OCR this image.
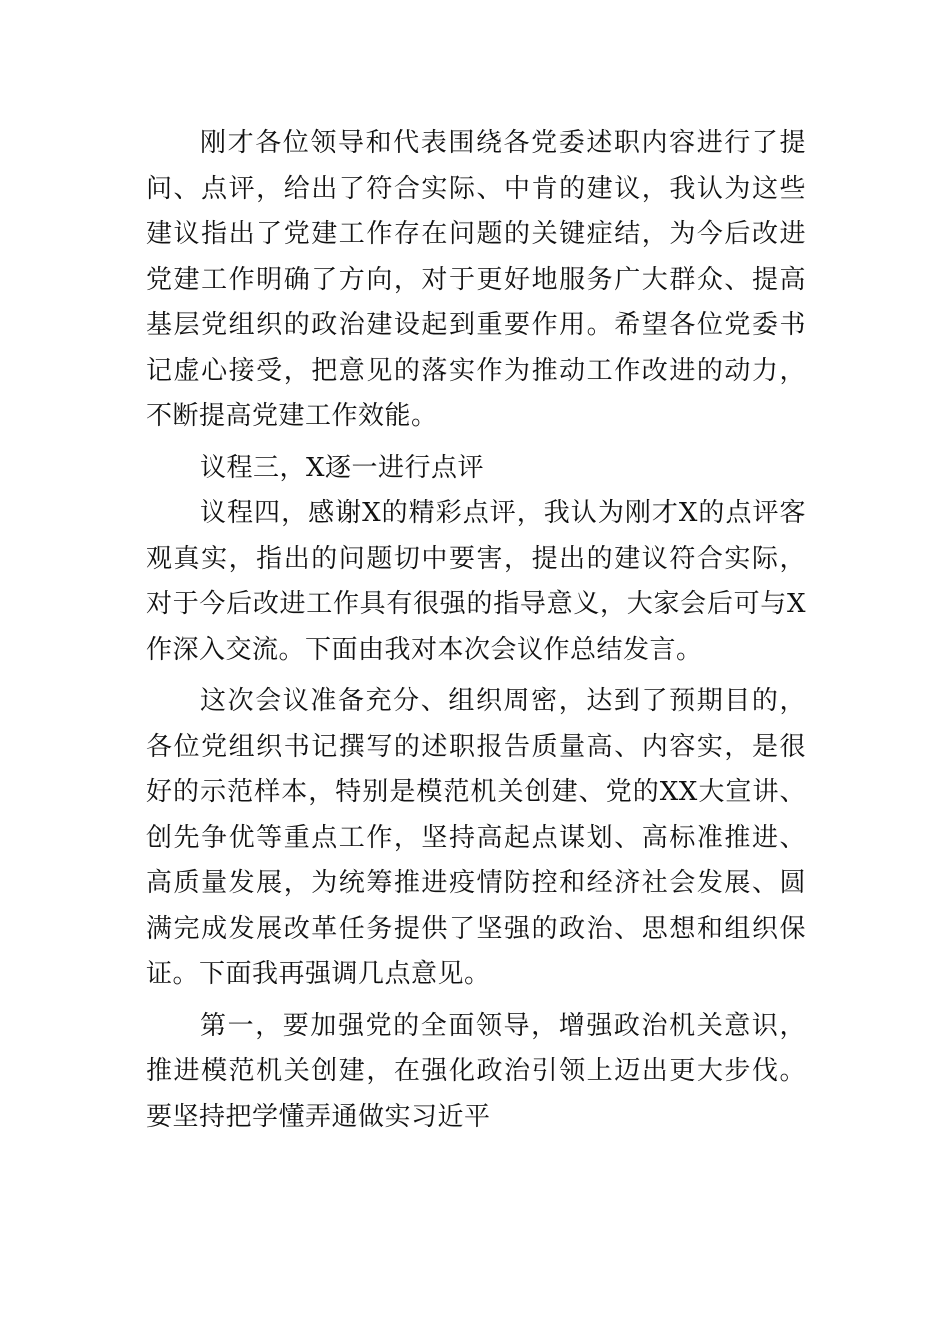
刚才各位领导和代表围绕各党委述职内容进行了提问、点评，给出了符合实际、中肯的建议，我认为这些建议指出了党建工作存在问题的关键症结，为今后改进党建工作明确了方向，对于更好地服务广大群众、提高基层党组织的政治建设起到重要作用。希望各位党委书记虚心接受，把意见的落实作为推动工作改进的动力，不断提高党建工作效能。

议程三，X逐一进行点评

议程四，感谢X的精彩点评，我认为刚才X的点评客观真实，指出的问题切中要害，提出的建议符合实际，对于今后改进工作具有很强的指导意义，大家会后可与X作深入交流。下面由我对本次会议作总结发言。

这次会议准备充分、组织周密，达到了预期目的，各位党组织书记撰写的述职报告质量高、内容实，是很好的示范样本，特别是模范机关创建、党的XX大宣讲、创先争优等重点工作，坚持高起点谋划、高标准推进、高质量发展，为统筹推进疫情防控和经济社会发展、圆满完成发展改革任务提供了坚强的政治、思想和组织保证。下面我再强调几点意见。

第一，要加强党的全面领导，增强政治机关意识，推进模范机关创建，在强化政治引领上迈出更大步伐。要坚持把学懂弄通做实习近平
